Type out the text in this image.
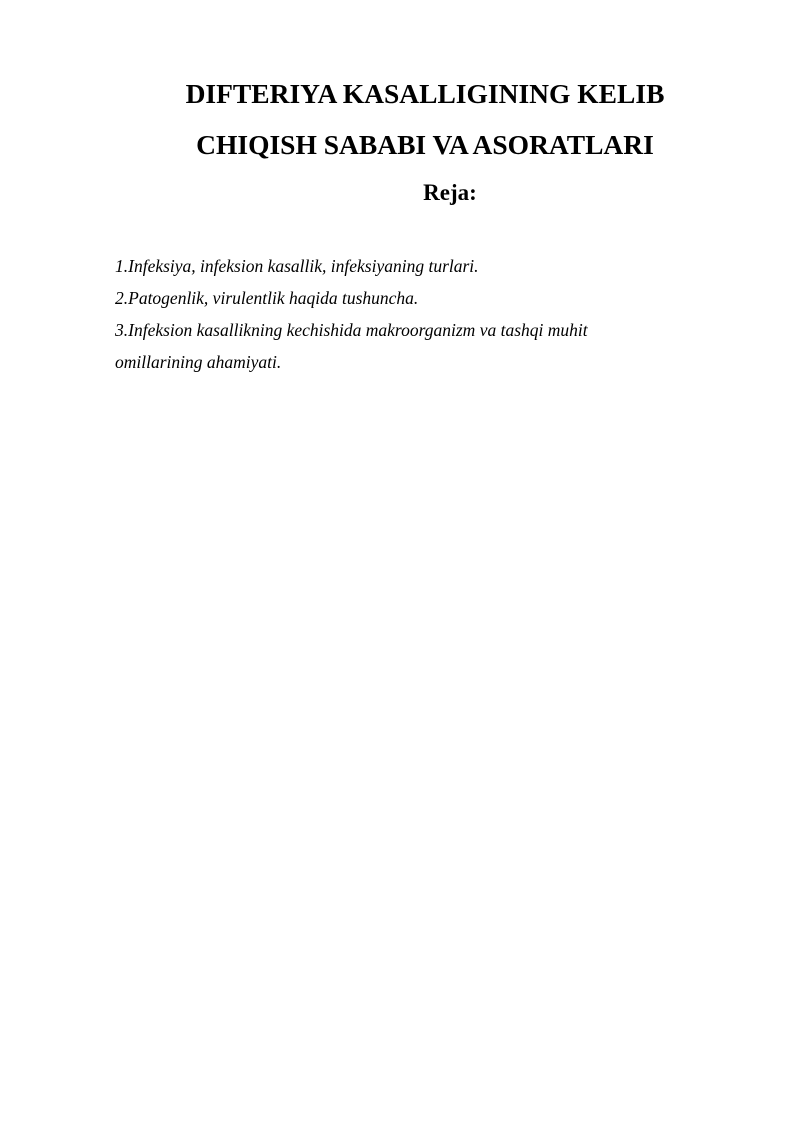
DIFTERIYA KASALLIGINING KELIB
CHIQISH SABABI VA ASORATLARI
Reja:
1.Infeksiya, infeksion kasallik, infeksiyaning turlari.
2.Patogenlik, virulentlik haqida tushuncha.
3.Infeksion kasallikning kechishida makroorganizm va tashqi muhit
omillarining ahamiyati.
